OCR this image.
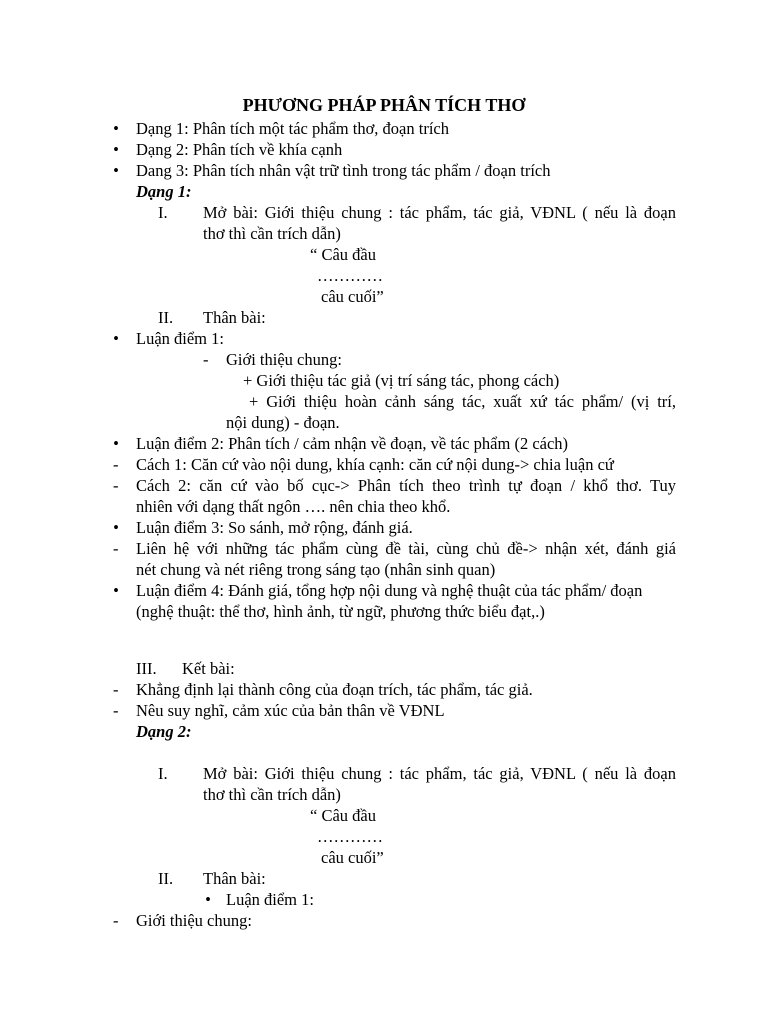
PHƯƠNG PHÁP PHÂN TÍCH THƠ
• Dạng 1: Phân tích một tác phẩm thơ, đoạn trích
• Dạng 2: Phân tích về khía cạnh
• Dang 3: Phân tích nhân vật trữ tình trong tác phẩm / đoạn trích
Dạng 1:
I. Mở bài: Giới thiệu chung : tác phẩm, tác giả, VĐNL ( nếu là đoạn
thơ thì cần trích dẫn)
“ Câu đầu
…………
câu cuối”
II. Thân bài:
• Luận điểm 1:
- Giới thiệu chung:
+ Giới thiệu tác giả (vị trí sáng tác, phong cách)
+ Giới thiệu hoàn cảnh sáng tác, xuất xứ tác phẩm/ (vị trí,
nội dung) - đoạn.
• Luận điểm 2: Phân tích / cảm nhận về đoạn, về tác phẩm (2 cách)
- Cách 1: Căn cứ vào nội dung, khía cạnh: căn cứ nội dung-> chia luận cứ
- Cách 2: căn cứ vào bố cục-> Phân tích theo trình tự đoạn / khổ thơ. Tuy
nhiên với dạng thất ngôn …. nên chia theo khổ.
• Luận điểm 3: So sánh, mở rộng, đánh giá.
- Liên hệ với những tác phẩm cùng đề tài, cùng chủ đề-> nhận xét, đánh giá
nét chung và nét riêng trong sáng tạo (nhân sinh quan)
• Luận điểm 4: Đánh giá, tổng hợp nội dung và nghệ thuật của tác phẩm/ đoạn
(nghệ thuật: thể thơ, hình ảnh, từ ngữ, phương thức biểu đạt,.)
III. Kết bài:
- Khẳng định lại thành công của đoạn trích, tác phẩm, tác giả.
- Nêu suy nghĩ, cảm xúc của bản thân về VĐNL
Dạng 2:
I. Mở bài: Giới thiệu chung : tác phẩm, tác giả, VĐNL ( nếu là đoạn
thơ thì cần trích dẫn)
“ Câu đầu
…………
câu cuối”
II. Thân bài:
• Luận điểm 1:
- Giới thiệu chung:
